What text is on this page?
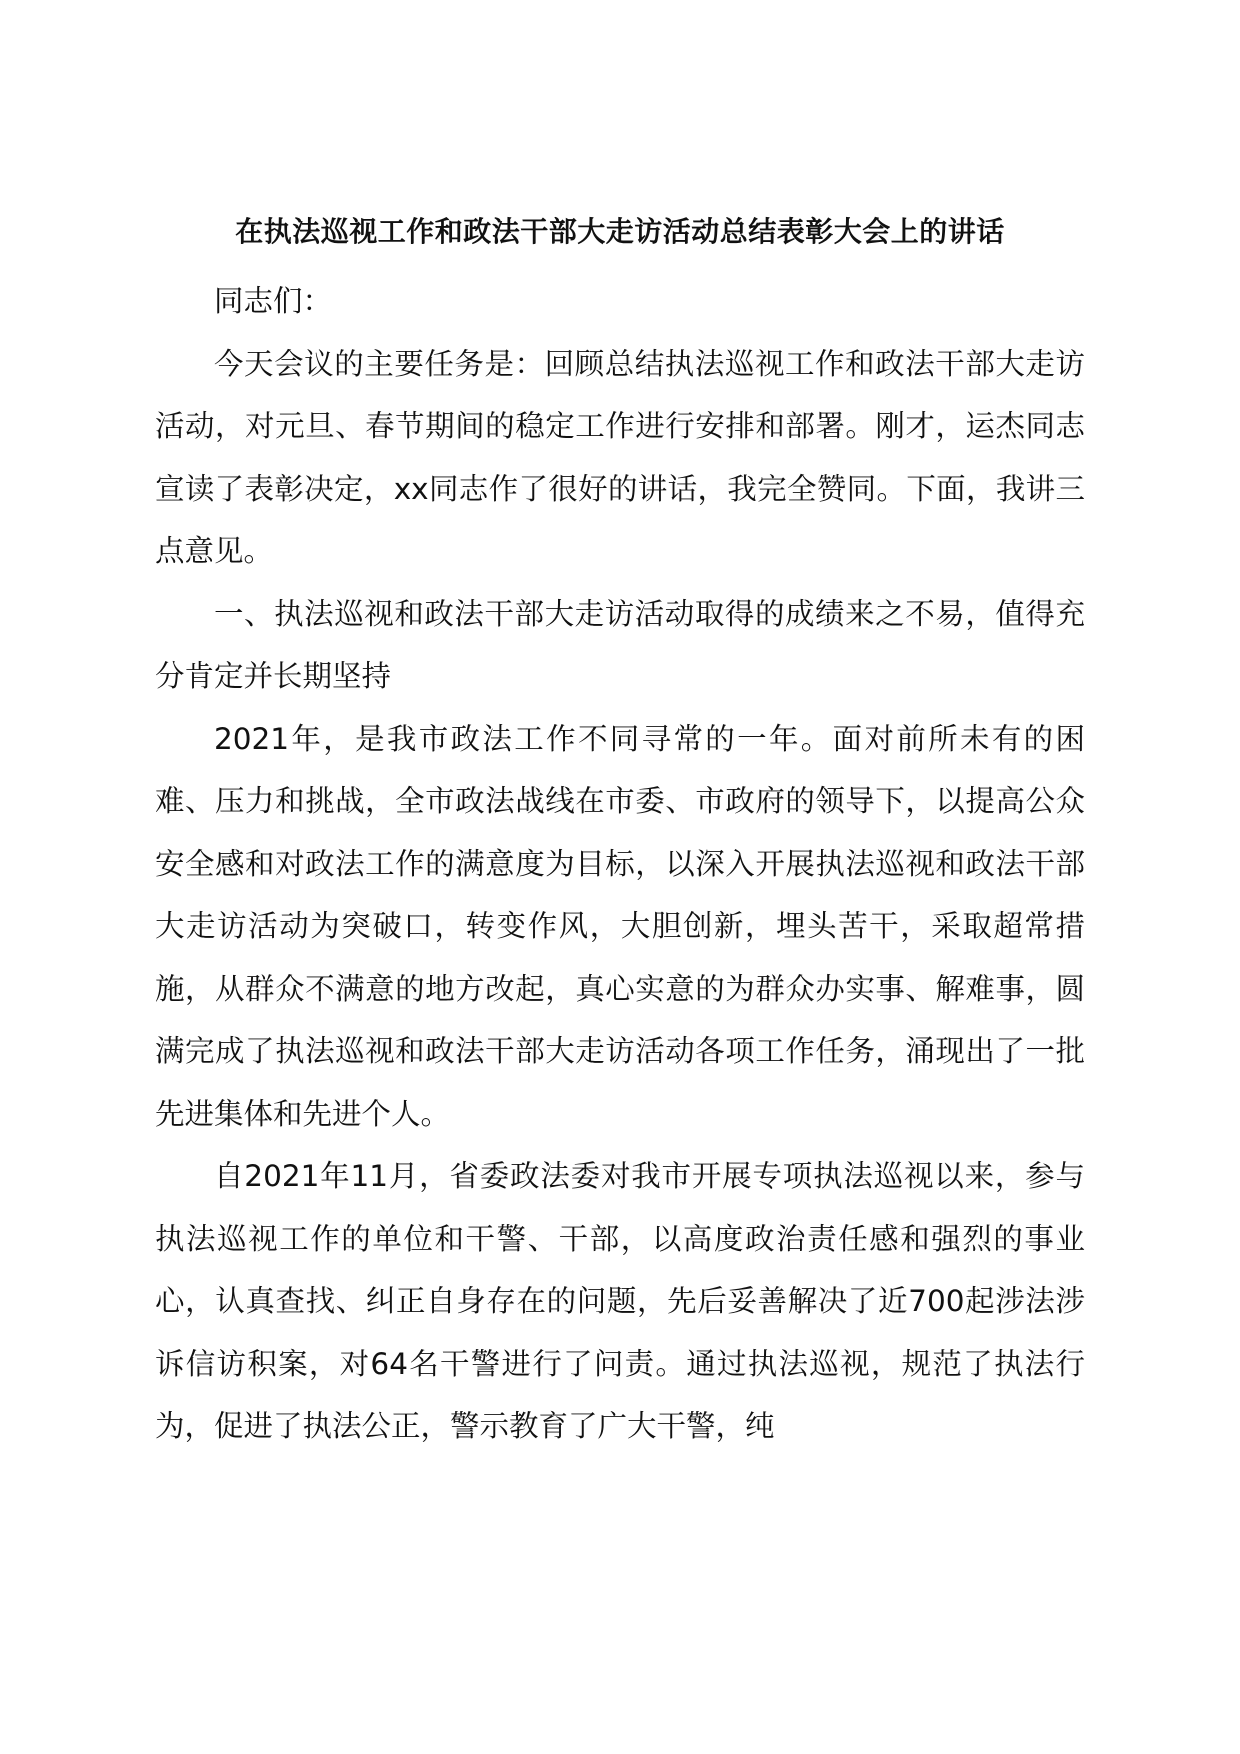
在执法巡视工作和政法干部大走访活动总结表彰大会上的讲话

同志们：

今天会议的主要任务是：回顾总结执法巡视工作和政法干部大走访活动，对元旦、春节期间的稳定工作进行安排和部署。刚才，运杰同志宣读了表彰决定，xx同志作了很好的讲话，我完全赞同。下面，我讲三点意见。

一、执法巡视和政法干部大走访活动取得的成绩来之不易，值得充分肯定并长期坚持

2021年，是我市政法工作不同寻常的一年。面对前所未有的困难、压力和挑战，全市政法战线在市委、市政府的领导下，以提高公众安全感和对政法工作的满意度为目标，以深入开展执法巡视和政法干部大走访活动为突破口，转变作风，大胆创新，埋头苦干，采取超常措施，从群众不满意的地方改起，真心实意的为群众办实事、解难事，圆满完成了执法巡视和政法干部大走访活动各项工作任务，涌现出了一批先进集体和先进个人。

自2021年11月，省委政法委对我市开展专项执法巡视以来，参与执法巡视工作的单位和干警、干部，以高度政治责任感和强烈的事业心，认真查找、纠正自身存在的问题，先后妥善解决了近700起涉法涉诉信访积案，对64名干警进行了问责。通过执法巡视，规范了执法行为，促进了执法公正，警示教育了广大干警，纯
